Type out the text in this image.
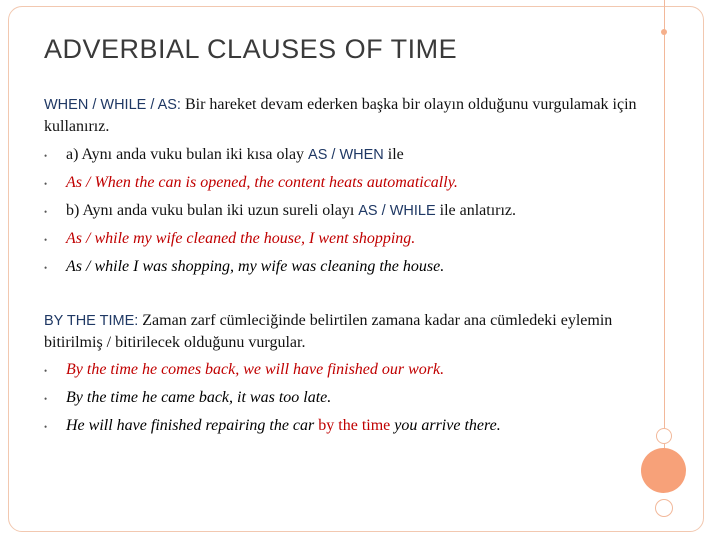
ADVERBIAL CLAUSES OF TIME

WHEN / WHILE / AS: Bir hareket devam ederken başka bir olayın olduğunu vurgulamak için kullanırız.

• a) Aynı anda vuku bulan iki kısa olay AS / WHEN ile
• As / When the can is opened, the content heats automatically.
• b) Aynı anda vuku bulan iki uzun sureli olayı AS / WHILE ile anlatırız.
• As / while my wife cleaned the house, I went shopping.
• As / while I was shopping, my wife was cleaning the house.

BY THE TIME: Zaman zarf cümleciğinde belirtilen zamana kadar ana cümledeki eylemin bitirilmiş / bitirilecek olduğunu vurgular.

• By the time he comes back, we will have finished our work.
• By the time he came back, it was too late.
• He will have finished repairing the car by the time you arrive there.
